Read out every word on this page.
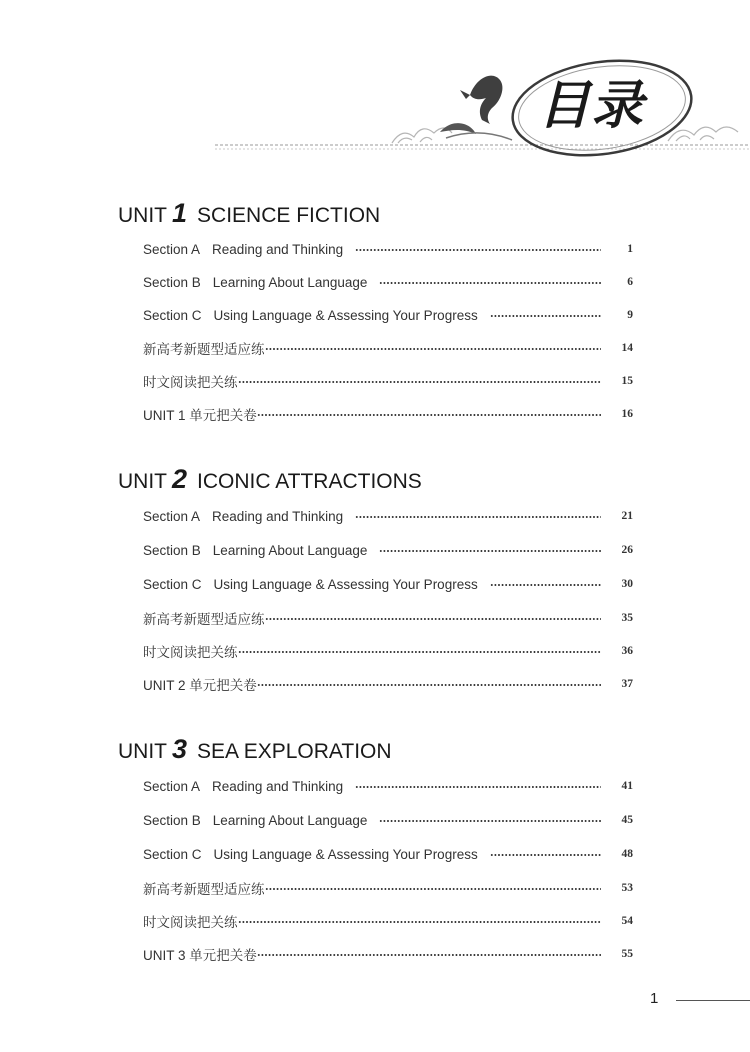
目录
UNIT 1 SCIENCE FICTION
Section A Reading and Thinking	1
Section B Learning About Language	6
Section C Using Language & Assessing Your Progress	9
新高考新题型适应练	14
时文阅读把关练	15
UNIT 1 单元把关卷	16
UNIT 2 ICONIC ATTRACTIONS
Section A Reading and Thinking	21
Section B Learning About Language	26
Section C Using Language & Assessing Your Progress	30
新高考新题型适应练	35
时文阅读把关练	36
UNIT 2 单元把关卷	37
UNIT 3 SEA EXPLORATION
Section A Reading and Thinking	41
Section B Learning About Language	45
Section C Using Language & Assessing Your Progress	48
新高考新题型适应练	53
时文阅读把关练	54
UNIT 3 单元把关卷	55
1
